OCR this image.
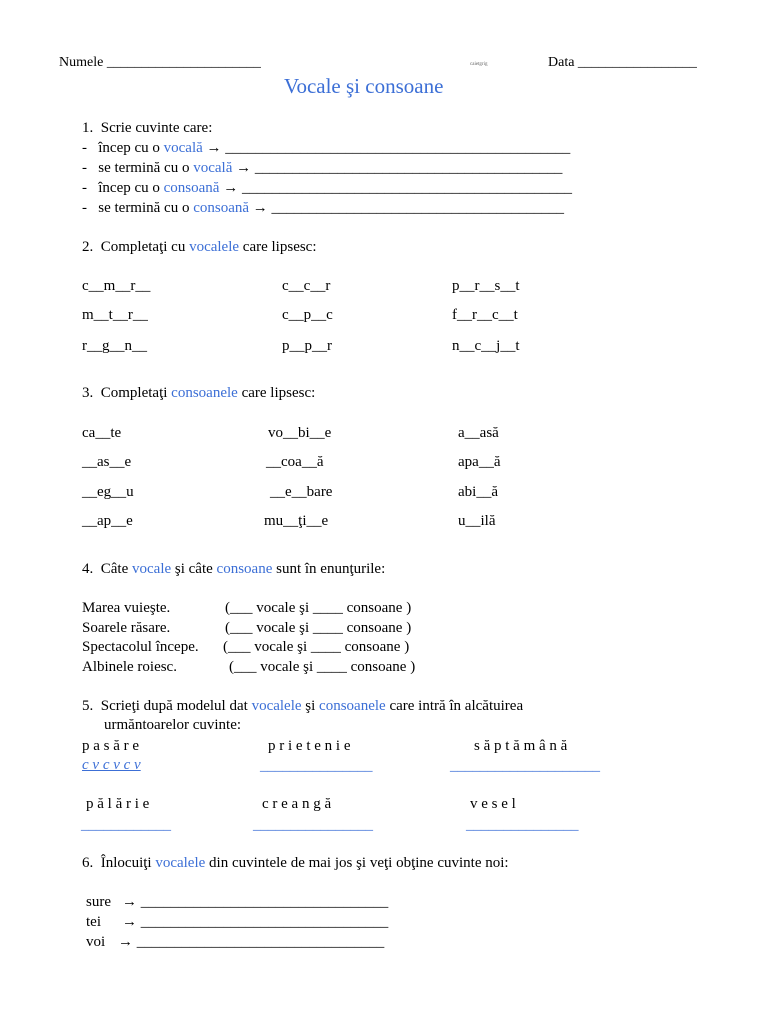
Numele ______________________	caietgrig	Data _________________
Vocale şi consoane
1.  Scrie cuvinte care:
-   încep cu o vocală → ______________________________________________
-   se termină cu o vocală → _________________________________________
-   încep cu o consoană → ____________________________________________
-   se termină cu o consoană → _______________________________________
2.  Completaţi cu vocalele care lipsesc:
c__m__r__	c__c__r	p__r__s__t
m__t__r__	c__p__c	f__r__c__t
r__g__n__	p__p__r	n__c__j__t
3.  Completaţi consoanele care lipsesc:
ca__te	vo__bi__e	a__asă
__as__e	__coa__ă	apa__ă
__eg__u	__e__bare	abi__ă
__ap__e	mu__ţi__e	u__ilă
4.  Câte vocale şi câte consoane sunt în enunţurile:
Marea vuieşte.	(___ vocale şi ____ consoane )
Soarele răsare.	(___ vocale şi ____ consoane )
Spectacolul începe. (___ vocale şi ____ consoane )
Albinele roiesc.	(___ vocale şi ____ consoane )
5.  Scrieţi după modelul dat vocalele şi consoanele care intră în alcătuirea
urmăntoarelor cuvinte:
p a s ă r e	p r i e t e n i e	s ă p t ă m â n ă
c v c v c v	_______________	____________________
p ă l ă r i e	c r e a n g ă	v e s e l
____________	________________	_______________
6.  Înlocuiţi vocalele din cuvintele de mai jos şi veţi obţine cuvinte noi:
sure → _________________________________
tei → _________________________________
voi → _________________________________
